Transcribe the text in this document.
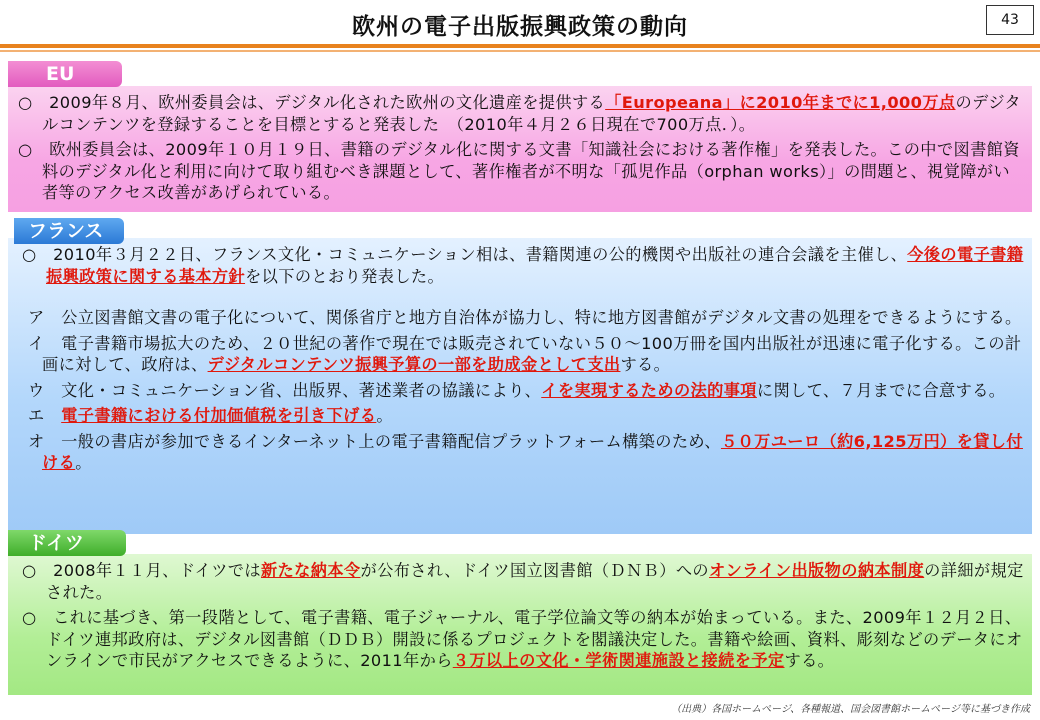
欧州の電子出版振興政策の動向	43
○　2009年８月、欧州委員会は、デジタル化された欧州の文化遺産を提供する「Europeana」に2010年までに1,000万点のデジタルコンテンツを登録することを目標とすると発表した　（2010年４月２６日現在で700万点．）。
○　欧州委員会は、2009年１０月１９日、書籍のデジタル化に関する文書「知識社会における著作権」を発表した。この中で図書館資料のデジタル化と利用に向けて取り組むべき課題として、著作権者が不明な「孤児作品（orphan works）」の問題と、視覚障がい者等のアクセス改善があげられている。
EU
○　2010年３月２２日、フランス文化・コミュニケーション相は、書籍関連の公的機関や出版社の連合会議を主催し、今後の電子書籍振興政策に関する基本方針を以下のとおり発表した。
ア　公立図書館文書の電子化について、関係省庁と地方自治体が協力し、特に地方図書館がデジタル文書の処理をできるようにする。
イ　電子書籍市場拡大のため、２０世紀の著作で現在では販売されていない５０～100万冊を国内出版社が迅速に電子化する。この計画に対して、政府は、デジタルコンテンツ振興予算の一部を助成金として支出する。
ウ　文化・コミュニケーション省、出版界、著述業者の協議により、イを実現するための法的事項に関して、７月までに合意する。
エ　電子書籍における付加価値税を引き下げる。
オ　一般の書店が参加できるインターネット上の電子書籍配信プラットフォーム構築のため、５０万ユーロ（約6,125万円）を貸し付ける。
フランス
○　2008年１１月、ドイツでは新たな納本令が公布され、ドイツ国立図書館（ＤＮＢ）へのオンライン出版物の納本制度の詳細が規定された。
○　これに基づき、第一段階として、電子書籍、電子ジャーナル、電子学位論文等の納本が始まっている。また、2009年１２月２日、ドイツ連邦政府は、デジタル図書館（ＤＤＢ）開設に係るプロジェクトを閣議決定した。書籍や絵画、資料、彫刻などのデータにオンラインで市民がアクセスできるように、2011年から３万以上の文化・学術関連施設と接続を予定する。
ドイツ
（出典）各国ホームページ、各種報道、国会図書館ホームページ等に基づき作成
